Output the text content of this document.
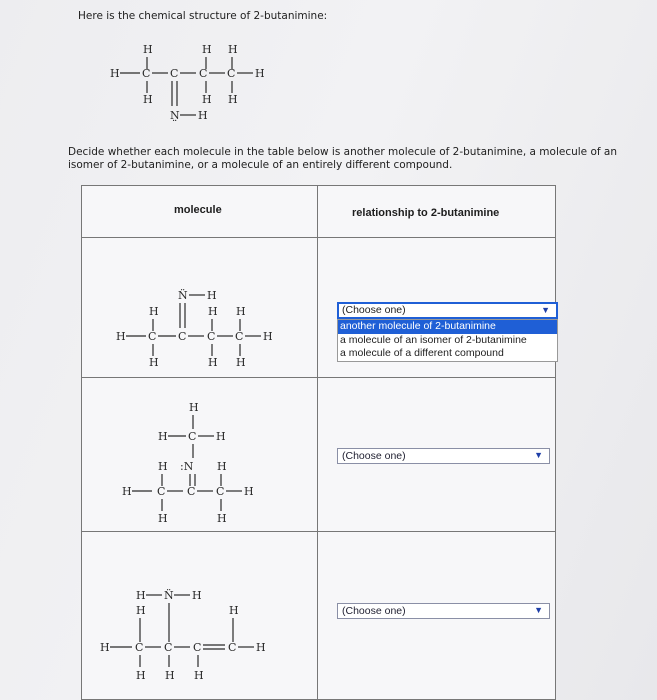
Here is the chemical structure of 2-butanimine:
H	H H
H C C C C H
H	H H
N̤ H
Decide whether each molecule in the table below is another molecule of 2-butanimine, a molecule of an isomer of 2-butanimine, or a molecule of an entirely different compound.
molecule	relationship to 2-butanimine
N̈ H
H	H H
H C C C C H
H	H H
(Choose one)	▼
another molecule of 2-butanimine
a molecule of an isomer of 2-butanimine
a molecule of a different compound
H
H C H
H :N H
H C C C H
H	H
(Choose one)	▼
H N̈ H
H	H
H C C C C H
H H H
(Choose one)	▼
